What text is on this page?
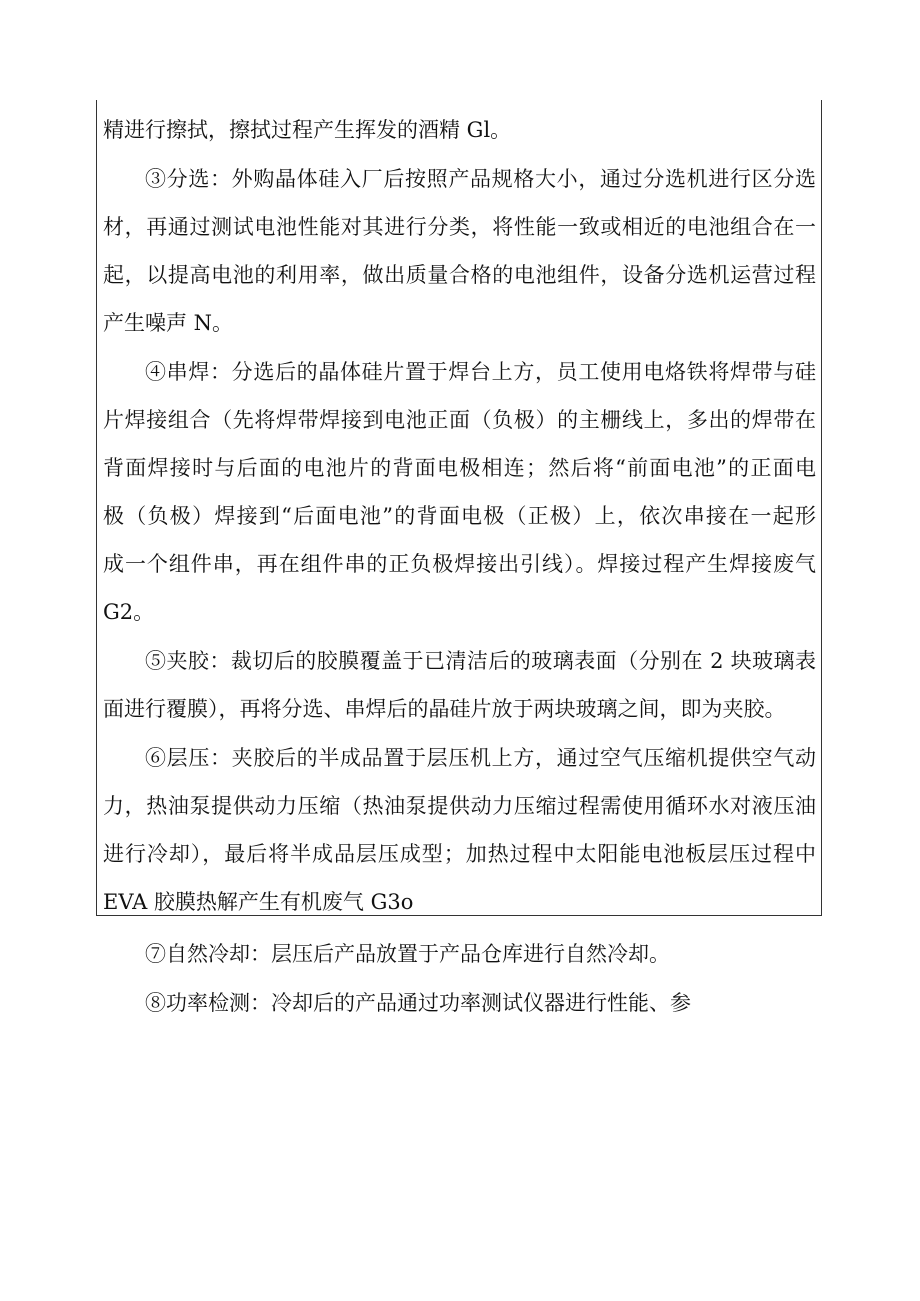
精进行擦拭，擦拭过程产生挥发的酒精 Gl。
③分选：外购晶体硅入厂后按照产品规格大小，通过分选机进行区分选
材，再通过测试电池性能对其进行分类，将性能一致或相近的电池组合在一
起，以提高电池的利用率，做出质量合格的电池组件，设备分选机运营过程
产生噪声 N。
④串焊：分选后的晶体硅片置于焊台上方，员工使用电烙铁将焊带与硅
片焊接组合（先将焊带焊接到电池正面（负极）的主栅线上，多出的焊带在
背面焊接时与后面的电池片的背面电极相连；然后将“前面电池”的正面电
极（负极）焊接到“后面电池”的背面电极（正极）上，依次串接在一起形
成一个组件串，再在组件串的正负极焊接出引线）。焊接过程产生焊接废气
G2。
⑤夹胶：裁切后的胶膜覆盖于已清洁后的玻璃表面（分别在 2 块玻璃表
面进行覆膜），再将分选、串焊后的晶硅片放于两块玻璃之间，即为夹胶。
⑥层压：夹胶后的半成品置于层压机上方，通过空气压缩机提供空气动
力，热油泵提供动力压缩（热油泵提供动力压缩过程需使用循环水对液压油
进行冷却），最后将半成品层压成型；加热过程中太阳能电池板层压过程中
EVA 胶膜热解产生有机废气 G3o
⑦自然冷却：层压后产品放置于产品仓库进行自然冷却。
⑧功率检测：冷却后的产品通过功率测试仪器进行性能、参
